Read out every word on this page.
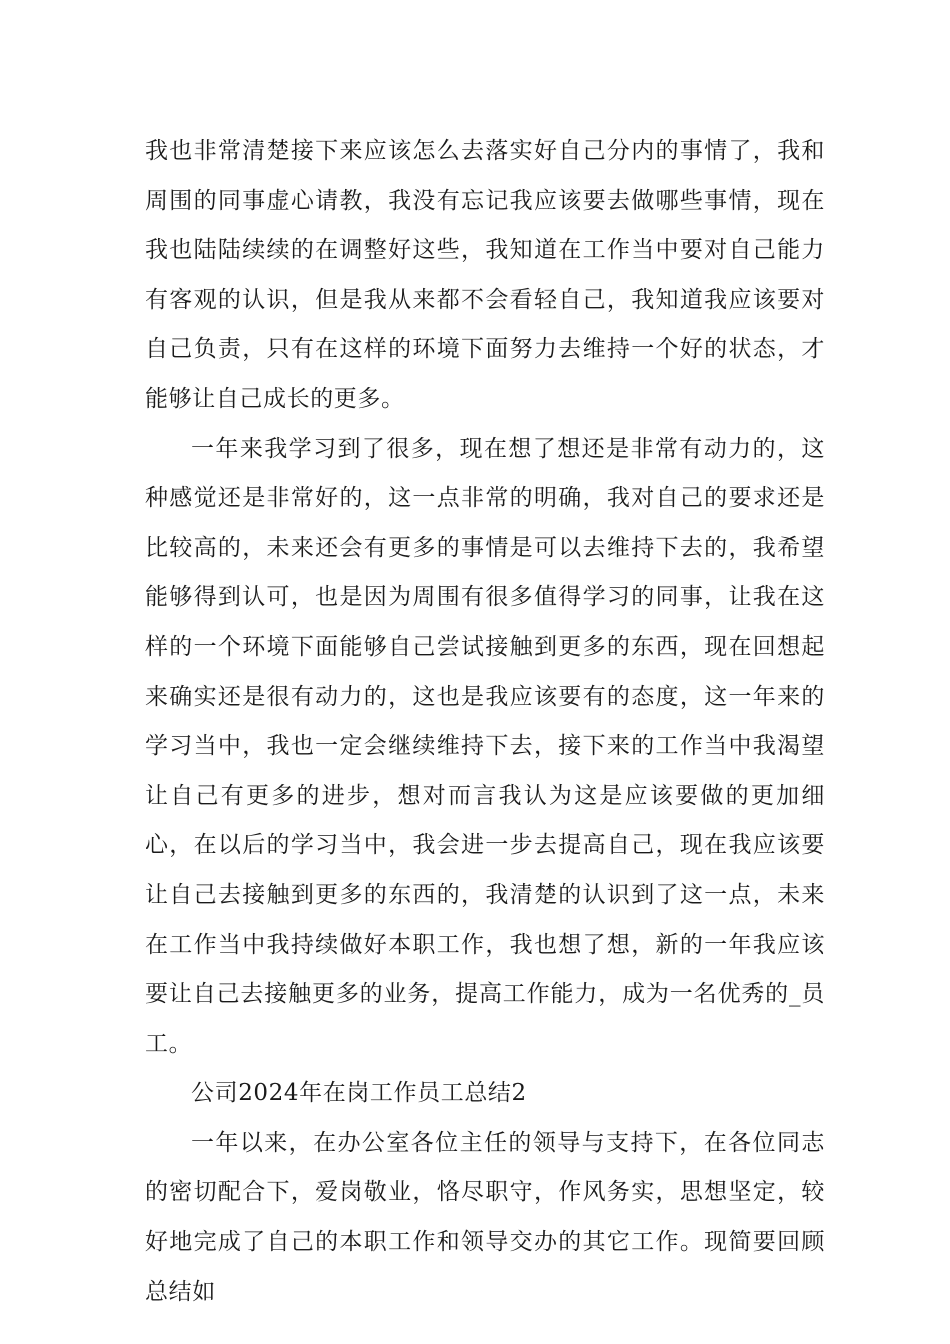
我也非常清楚接下来应该怎么去落实好自己分内的事情了，我和周围的同事虚心请教，我没有忘记我应该要去做哪些事情，现在我也陆陆续续的在调整好这些，我知道在工作当中要对自己能力有客观的认识，但是我从来都不会看轻自己，我知道我应该要对自己负责，只有在这样的环境下面努力去维持一个好的状态，才能够让自己成长的更多。

一年来我学习到了很多，现在想了想还是非常有动力的，这种感觉还是非常好的，这一点非常的明确，我对自己的要求还是比较高的，未来还会有更多的事情是可以去维持下去的，我希望能够得到认可，也是因为周围有很多值得学习的同事，让我在这样的一个环境下面能够自己尝试接触到更多的东西，现在回想起来确实还是很有动力的，这也是我应该要有的态度，这一年来的学习当中，我也一定会继续维持下去，接下来的工作当中我渴望让自己有更多的进步，想对而言我认为这是应该要做的更加细心，在以后的学习当中，我会进一步去提高自己，现在我应该要让自己去接触到更多的东西的，我清楚的认识到了这一点，未来在工作当中我持续做好本职工作，我也想了想，新的一年我应该要让自己去接触更多的业务，提高工作能力，成为一名优秀的_员工。

公司2024年在岗工作员工总结2

一年以来，在办公室各位主任的领导与支持下，在各位同志的密切配合下，爱岗敬业，恪尽职守，作风务实，思想坚定，较好地完成了自己的本职工作和领导交办的其它工作。现简要回顾总结如
